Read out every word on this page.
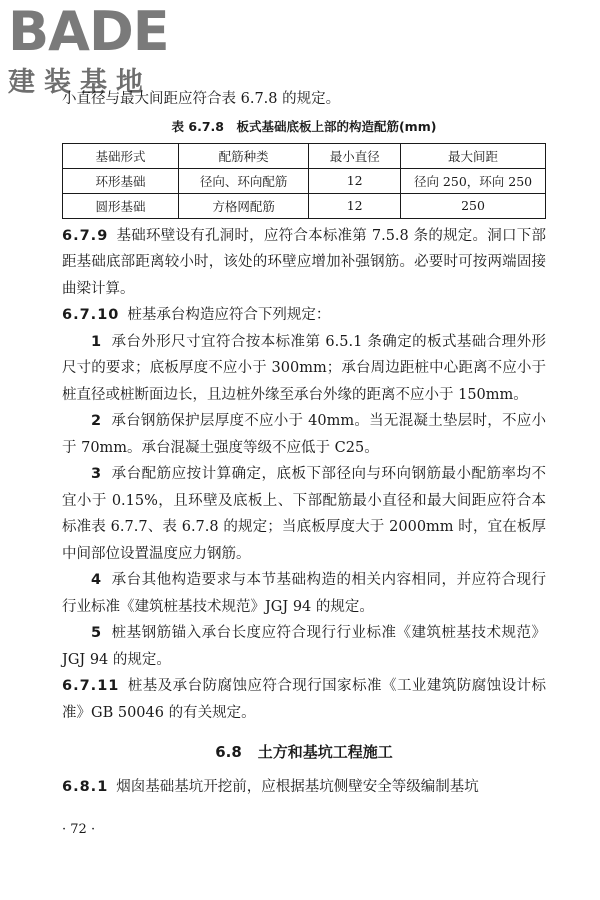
BADE
建装基地

小直径与最大间距应符合表 6.7.8 的规定。

表 6.7.8　板式基础底板上部的构造配筋(mm)
基础形式	配筋种类	最小直径	最大间距
环形基础	径向、环向配筋	12	径向 250，环向 250
圆形基础	方格网配筋	12	250

6.7.9 基础环壁设有孔洞时，应符合本标准第 7.5.8 条的规定。洞口下部距基础底部距离较小时，该处的环壁应增加补强钢筋。必要时可按两端固接曲梁计算。

6.7.10 桩基承台构造应符合下列规定：

1 承台外形尺寸宜符合按本标准第 6.5.1 条确定的板式基础合理外形尺寸的要求；底板厚度不应小于 300mm；承台周边距桩中心距离不应小于桩直径或桩断面边长，且边桩外缘至承台外缘的距离不应小于 150mm。

2 承台钢筋保护层厚度不应小于 40mm。当无混凝土垫层时，不应小于 70mm。承台混凝土强度等级不应低于 C25。

3 承台配筋应按计算确定，底板下部径向与环向钢筋最小配筋率均不宜小于 0.15%，且环壁及底板上、下部配筋最小直径和最大间距应符合本标准表 6.7.7、表 6.7.8 的规定；当底板厚度大于 2000mm 时，宜在板厚中间部位设置温度应力钢筋。

4 承台其他构造要求与本节基础构造的相关内容相同，并应符合现行行业标准《建筑桩基技术规范》JGJ 94 的规定。

5 桩基钢筋锚入承台长度应符合现行行业标准《建筑桩基技术规范》JGJ 94 的规定。

6.7.11 桩基及承台防腐蚀应符合现行国家标准《工业建筑防腐蚀设计标准》GB 50046 的有关规定。

6.8 土方和基坑工程施工

6.8.1 烟囱基础基坑开挖前，应根据基坑侧壁安全等级编制基坑

· 72 ·
